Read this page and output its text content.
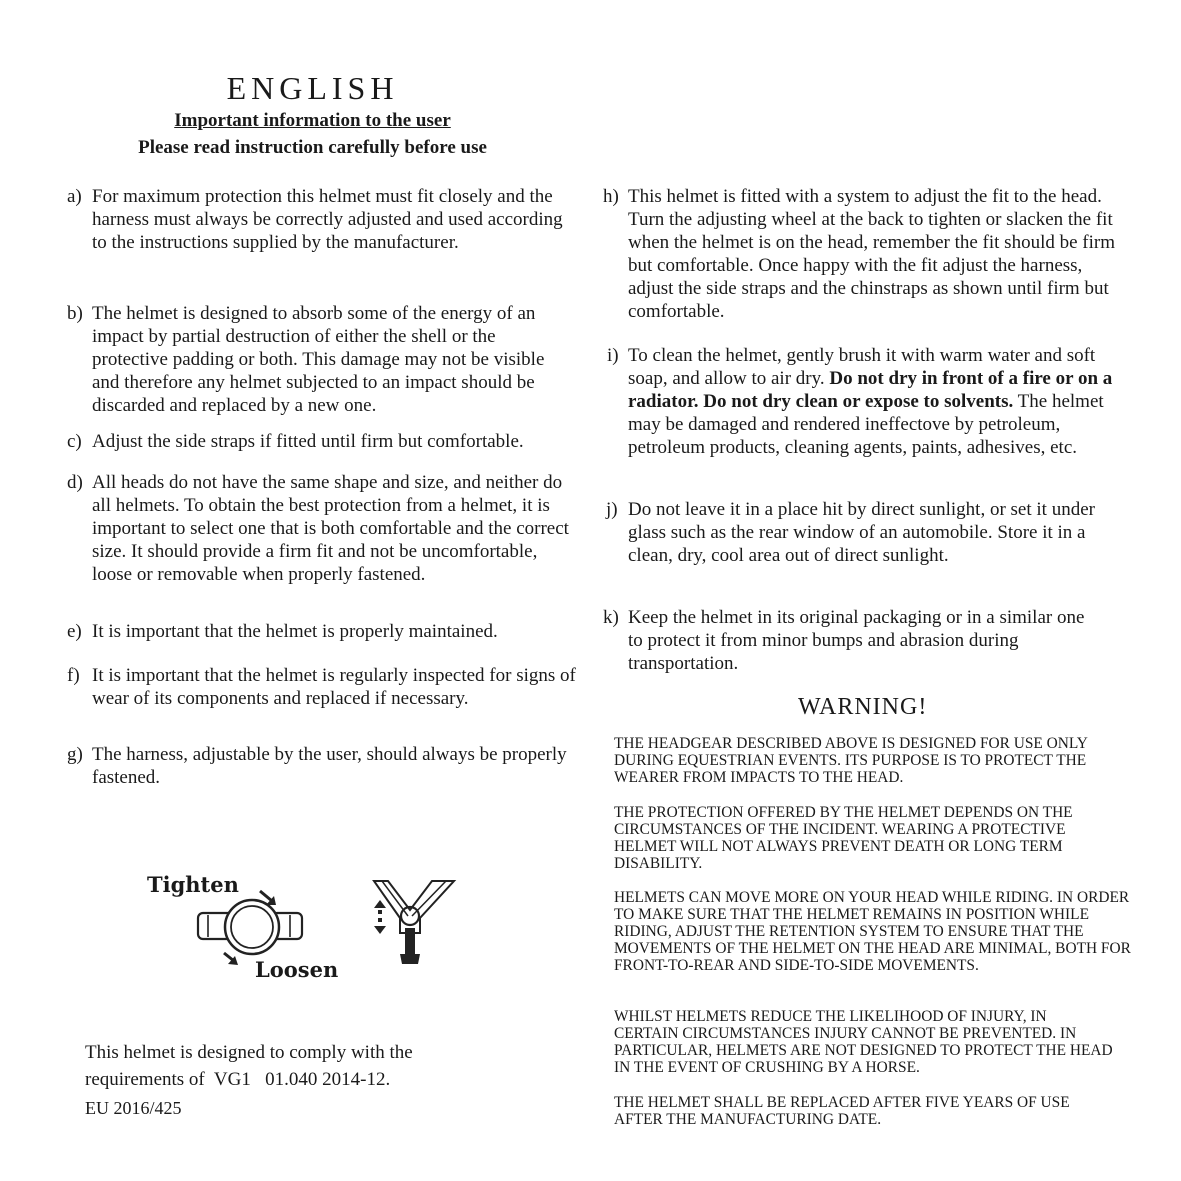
ENGLISH
Important information to the user
Please read instruction carefully before use
a) For maximum protection this helmet must fit closely and the harness must always be correctly adjusted and used according to the instructions supplied by the manufacturer.
b) The helmet is designed to absorb some of the energy of an impact by partial destruction of either the shell or the protective padding or both. This damage may not be visible and therefore any helmet subjected to an impact should be discarded and replaced by a new one.
c) Adjust the side straps if fitted until firm but comfortable.
d) All heads do not have the same shape and size, and neither do all helmets. To obtain the best protection from a helmet, it is important to select one that is both comfortable and the correct size. It should provide a firm fit and not be uncomfortable, loose or removable when properly fastened.
e) It is important that the helmet is properly maintained.
f) It is important that the helmet is regularly inspected for signs of wear of its components and replaced if necessary.
g) The harness, adjustable by the user, should always be properly fastened.
h) This helmet is fitted with a system to adjust the fit to the head. Turn the adjusting wheel at the back to tighten or slacken the fit when the helmet is on the head, remember the fit should be firm but comfortable. Once happy with the fit adjust the harness, adjust the side straps and the chinstraps as shown until firm but comfortable.
i) To clean the helmet, gently brush it with warm water and soft soap, and allow to air dry. Do not dry in front of a fire or on a radiator. Do not dry clean or expose to solvents. The helmet may be damaged and rendered ineffectove by petroleum, petroleum products, cleaning agents, paints, adhesives, etc.
j) Do not leave it in a place hit by direct sunlight, or set it under glass such as the rear window of an automobile. Store it in a clean, dry, cool area out of direct sunlight.
k) Keep the helmet in its original packaging or in a similar one to protect it from minor bumps and abrasion during transportation.
WARNING!
THE HEADGEAR DESCRIBED ABOVE IS DESIGNED FOR USE ONLY DURING EQUESTRIAN EVENTS. ITS PURPOSE IS TO PROTECT THE WEARER FROM IMPACTS TO THE HEAD.
THE PROTECTION OFFERED BY THE HELMET DEPENDS ON THE CIRCUMSTANCES OF THE INCIDENT. WEARING A PROTECTIVE HELMET WILL NOT ALWAYS PREVENT DEATH OR LONG TERM DISABILITY.
HELMETS CAN MOVE MORE ON YOUR HEAD WHILE RIDING. IN ORDER TO MAKE SURE THAT THE HELMET REMAINS IN POSITION WHILE RIDING, ADJUST THE RETENTION SYSTEM TO ENSURE THAT THE MOVEMENTS OF THE HELMET ON THE HEAD ARE MINIMAL, BOTH FOR FRONT-TO-REAR AND SIDE-TO-SIDE MOVEMENTS.
WHILST HELMETS REDUCE THE LIKELIHOOD OF INJURY, IN CERTAIN CIRCUMSTANCES INJURY CANNOT BE PREVENTED. IN PARTICULAR, HELMETS ARE NOT DESIGNED TO PROTECT THE HEAD IN THE EVENT OF CRUSHING BY A HORSE.
THE HELMET SHALL BE REPLACED AFTER FIVE YEARS OF USE AFTER THE MANUFACTURING DATE.
Tighten
Loosen
This helmet is designed to comply with the
requirements of  VG1   01.040 2014-12.
EU 2016/425
